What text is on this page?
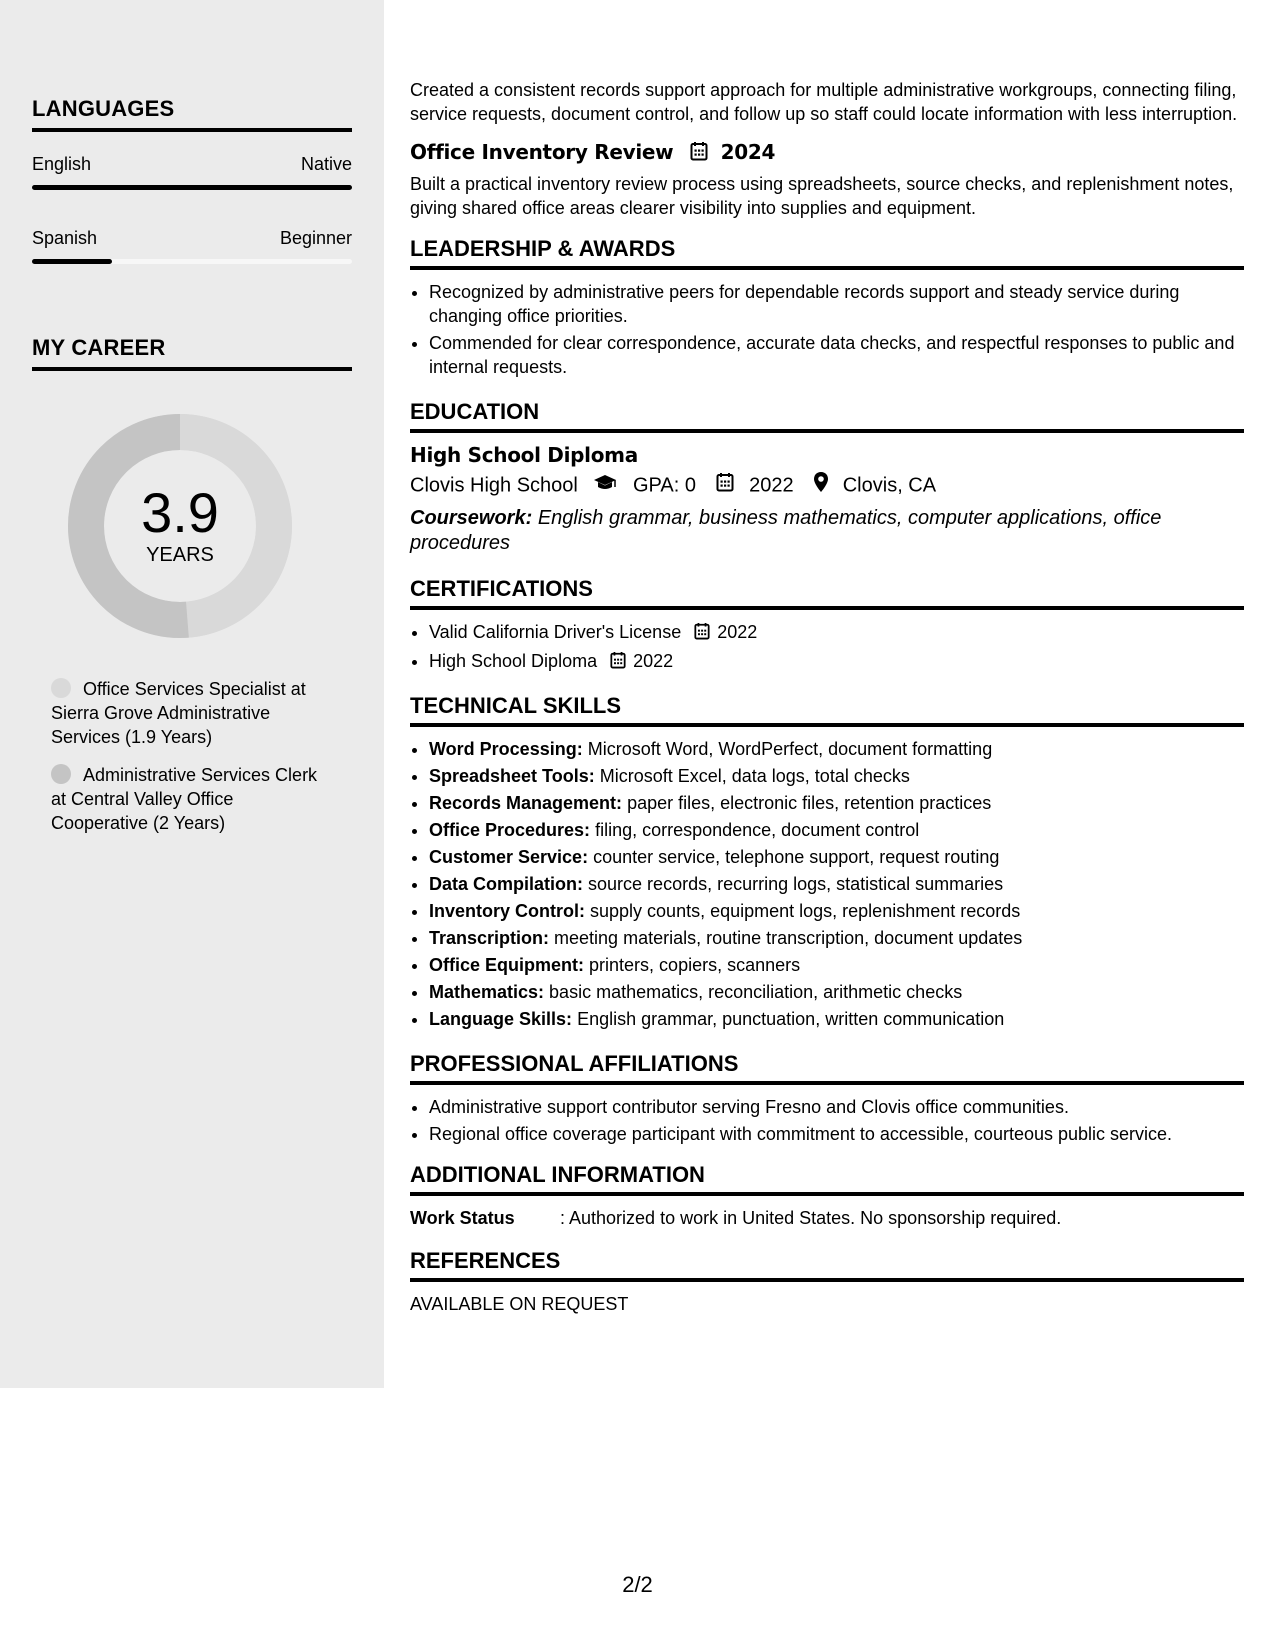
LANGUAGES
English	Native
Spanish	Beginner
MY CAREER
3.9
YEARS
Office Services Specialist at Sierra Grove Administrative Services (1.9 Years)
Administrative Services Clerk at Central Valley Office Cooperative (2 Years)

Created a consistent records support approach for multiple administrative workgroups, connecting filing, service requests, document control, and follow up so staff could locate information with less interruption.

Office Inventory Review 2024

Built a practical inventory review process using spreadsheets, source checks, and replenishment notes, giving shared office areas clearer visibility into supplies and equipment.

LEADERSHIP & AWARDS
• Recognized by administrative peers for dependable records support and steady service during changing office priorities.
• Commended for clear correspondence, accurate data checks, and respectful responses to public and internal requests.
EDUCATION
High School Diploma
Clovis High School	GPA: 0	2022 Clovis, CA

Coursework: English grammar, business mathematics, computer applications, office procedures

CERTIFICATIONS
• Valid California Driver's License 2022
• High School Diploma 2022
TECHNICAL SKILLS
• Word Processing: Microsoft Word, WordPerfect, document formatting
• Spreadsheet Tools: Microsoft Excel, data logs, total checks
• Records Management: paper files, electronic files, retention practices
• Office Procedures: filing, correspondence, document control
• Customer Service: counter service, telephone support, request routing
• Data Compilation: source records, recurring logs, statistical summaries
• Inventory Control: supply counts, equipment logs, replenishment records
• Transcription: meeting materials, routine transcription, document updates
• Office Equipment: printers, copiers, scanners
• Mathematics: basic mathematics, reconciliation, arithmetic checks
• Language Skills: English grammar, punctuation, written communication
PROFESSIONAL AFFILIATIONS
• Administrative support contributor serving Fresno and Clovis office communities.
• Regional office coverage participant with commitment to accessible, courteous public service.
ADDITIONAL INFORMATION
Work Status	: Authorized to work in United States. No sponsorship required.
REFERENCES
AVAILABLE ON REQUEST
2/2
